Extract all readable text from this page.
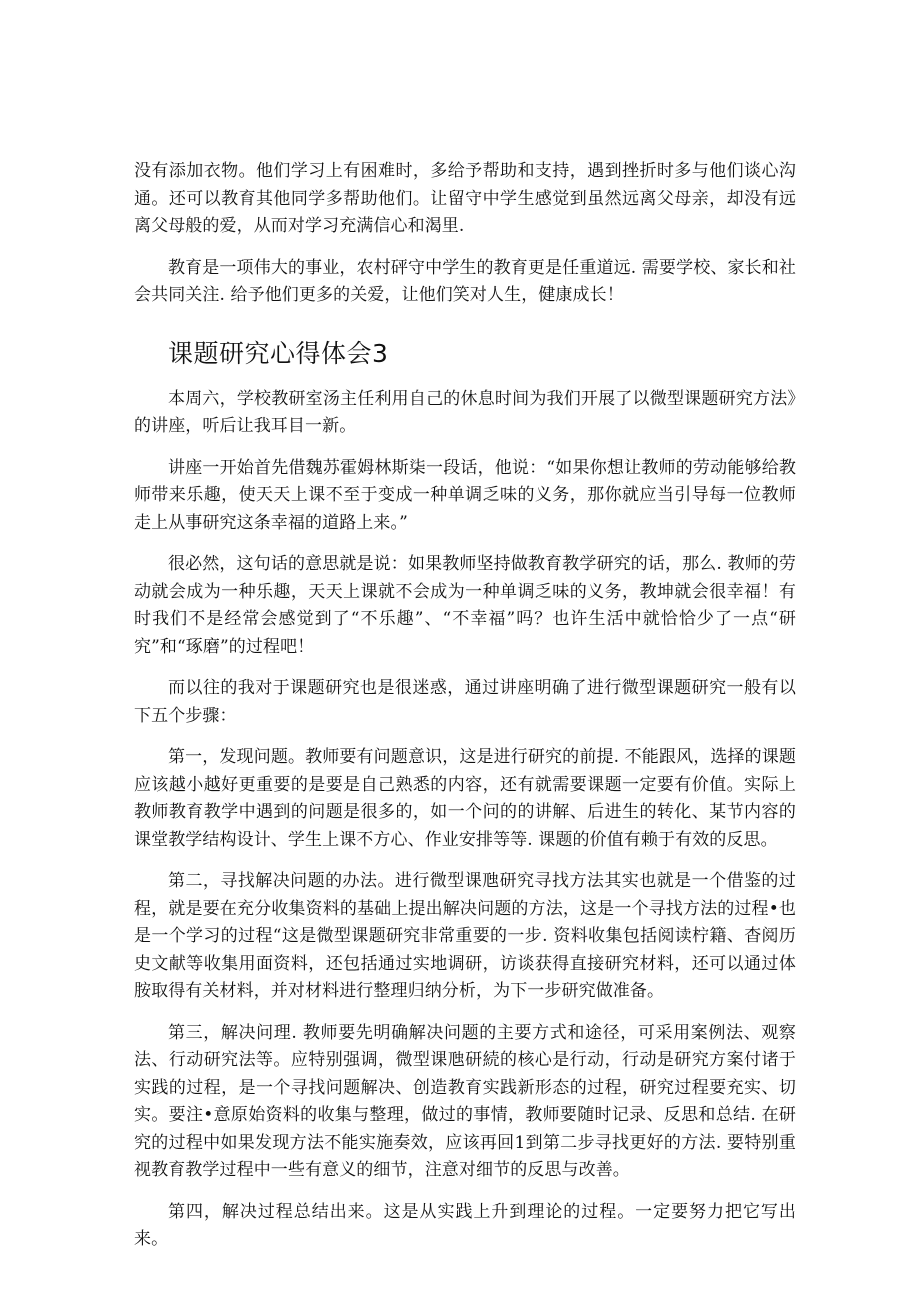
没有添加衣物。他们学习上有困难时，多给予帮助和支持，遇到挫折时多与他们谈心沟通。还可以教育其他同学多帮助他们。让留守中学生感觉到虽然远离父母亲，却没有远离父母般的爱，从而对学习充满信心和渴里.

教育是一项伟大的事业，农村砰守中学生的教育更是任重道远. 需要学校、家长和社会共同关注. 给予他们更多的关爱，让他们笑对人生，健康成长！

课题研究心得体会3

本周六，学校教研室汤主任利用自己的休息时间为我们开展了以微型课题研究方法》的讲座，听后让我耳目一新。

讲座一开始首先借魏苏霍姆林斯柒一段话，他说：“如果你想让教师的劳动能够给教师带来乐趣，使天天上课不至于变成一种单调乏味的义务，那你就应当引导每一位教师走上从事研究这条幸福的道路上来。”

很必然，这句话的意思就是说：如果教师坚持做教育教学研究的话，那么. 教师的劳动就会成为一种乐趣，天天上课就不会成为一种单调乏味的义务，教坤就会很幸福！有时我们不是经常会感觉到了“不乐趣”、“不幸福”吗？也许生活中就恰恰少了一点“研究”和“琢磨”的过程吧！

而以往的我对于课题研究也是很迷惑，通过讲座明确了进行微型课题研究一般有以下五个步骤：

第一，发现问题。教师要有问题意识，这是进行研究的前提. 不能跟风，选择的课题应该越小越好更重要的是要是自己熟悉的内容，还有就需要课题一定要有价值。实际上教师教育教学中遇到的问题是很多的，如一个问的的讲解、后进生的转化、某节内容的课堂教学结构设计、学生上课不方心、作业安排等等. 课题的价值有赖于有效的反思。

第二，寻找解决问题的办法。进行微型课虺研究寻找方法其实也就是一个借鉴的过程，就是要在充分收集资料的基础上提出解决问题的方法，这是一个寻找方法的过程•也是一个学习的过程“这是微型课题研究非常重要的一步. 资料收集包括阅读柠籍、杳阅历史文献等收集用面资料，还包括通过实地调研，访谈获得直接研究材料，还可以通过体胺取得有关材料，并对材料进行整理归纳分析，为下一步研究做准备。

第三，解决问理. 教师要先明确解决问题的主要方式和途径，可采用案例法、观察法、行动研究法等。应特别强调，微型课虺研続的核心是行动，行动是研究方案付诸于实践的过程，是一个寻找问题解决、创造教育实践新形态的过程，研究过程要充实、切实。要注•意原始资料的收集与整理，做过的事情，教师要随时记录、反思和总结. 在研究的过程中如果发现方法不能实施奏效，应该再回1到第二步寻找更好的方法. 要特别重视教育教学过程中一些有意义的细节，注意对细节的反思与改善。

第四，解决过程总结出来。这是从实践上升到理论的过程。一定要努力把它写出来。
